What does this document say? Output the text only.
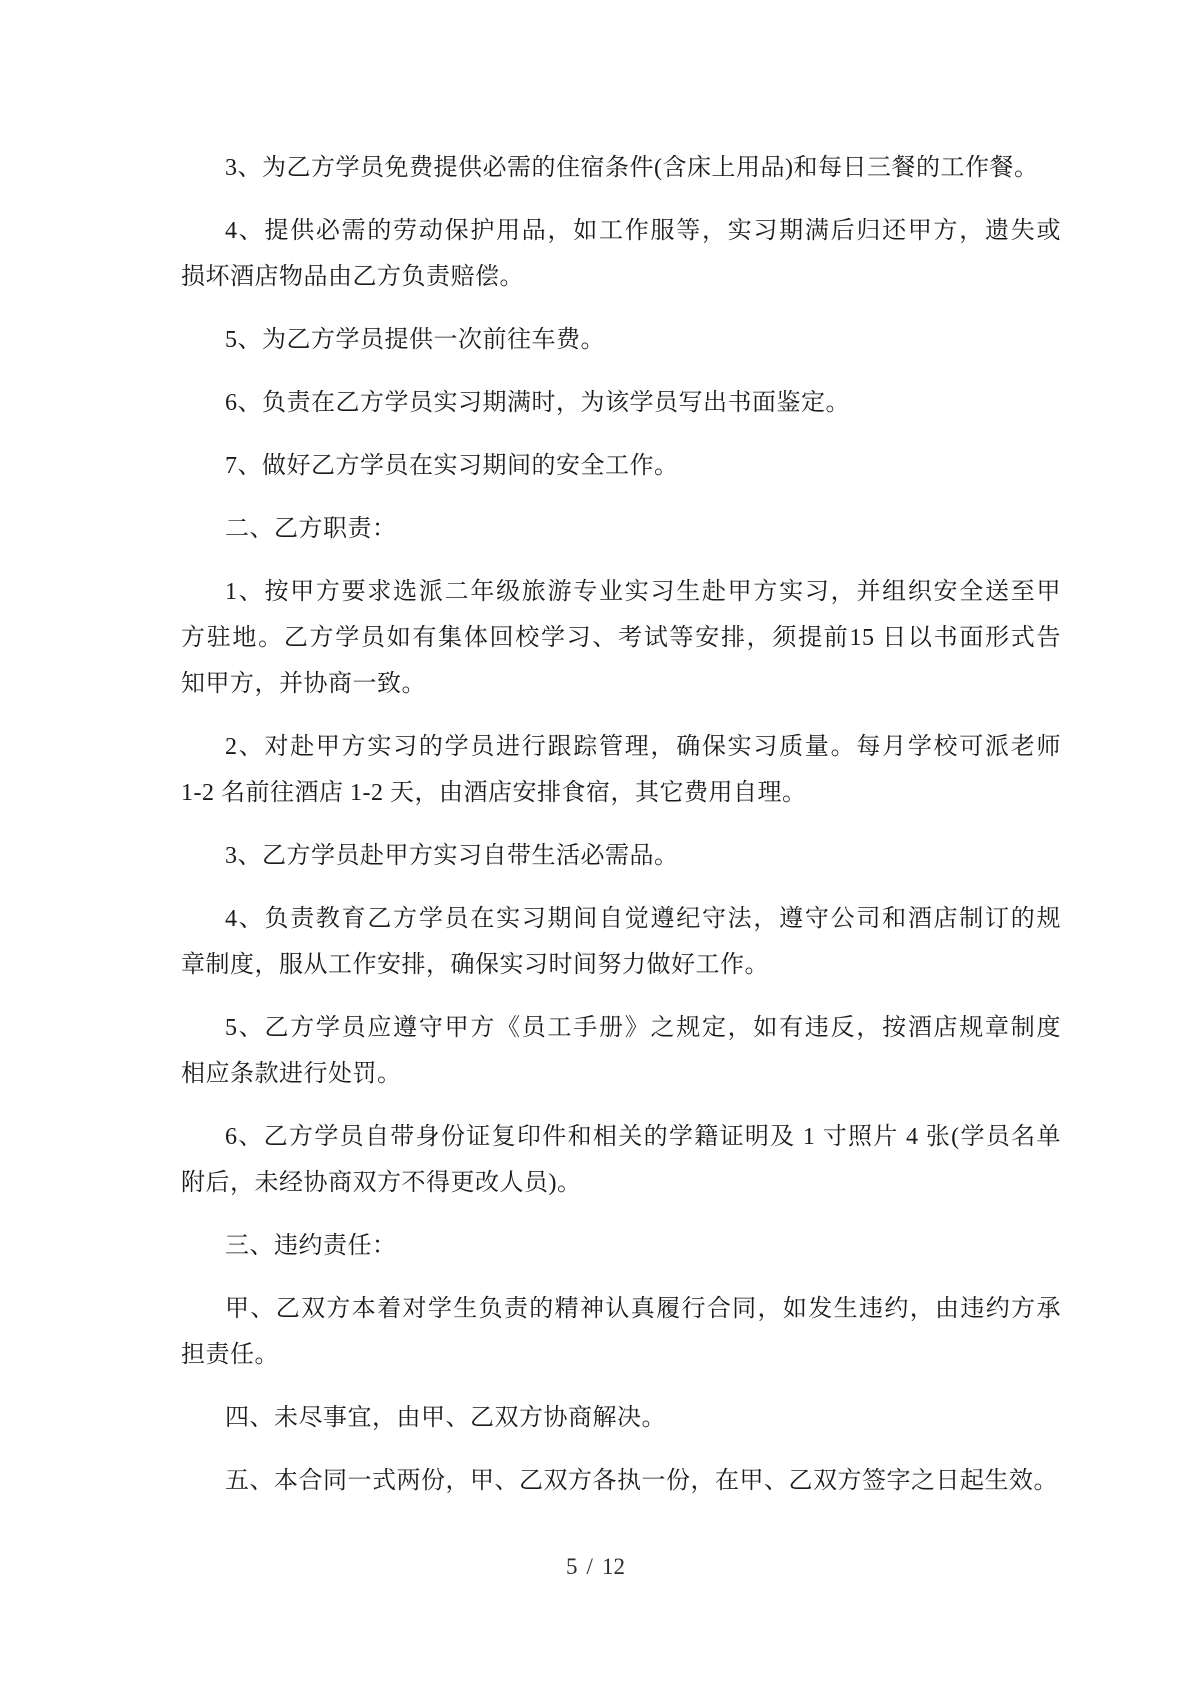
3、为乙方学员免费提供必需的住宿条件(含床上用品)和每日三餐的工作餐。
4、提供必需的劳动保护用品，如工作服等，实习期满后归还甲方，遗失或
损坏酒店物品由乙方负责赔偿。
5、为乙方学员提供一次前往车费。
6、负责在乙方学员实习期满时，为该学员写出书面鉴定。
7、做好乙方学员在实习期间的安全工作。
二、乙方职责：
1、按甲方要求选派二年级旅游专业实习生赴甲方实习，并组织安全送至甲
方驻地。乙方学员如有集体回校学习、考试等安排，须提前15 日以书面形式告
知甲方，并协商一致。
2、对赴甲方实习的学员进行跟踪管理，确保实习质量。每月学校可派老师
1-2 名前往酒店 1-2 天，由酒店安排食宿，其它费用自理。
3、乙方学员赴甲方实习自带生活必需品。
4、负责教育乙方学员在实习期间自觉遵纪守法，遵守公司和酒店制订的规
章制度，服从工作安排，确保实习时间努力做好工作。
5、乙方学员应遵守甲方《员工手册》之规定，如有违反，按酒店规章制度
相应条款进行处罚。
6、乙方学员自带身份证复印件和相关的学籍证明及 1 寸照片 4 张(学员名单
附后，未经协商双方不得更改人员)。
三、违约责任：
甲、乙双方本着对学生负责的精神认真履行合同，如发生违约，由违约方承
担责任。
四、未尽事宜，由甲、乙双方协商解决。
五、本合同一式两份，甲、乙双方各执一份，在甲、乙双方签字之日起生效。
5 / 12
